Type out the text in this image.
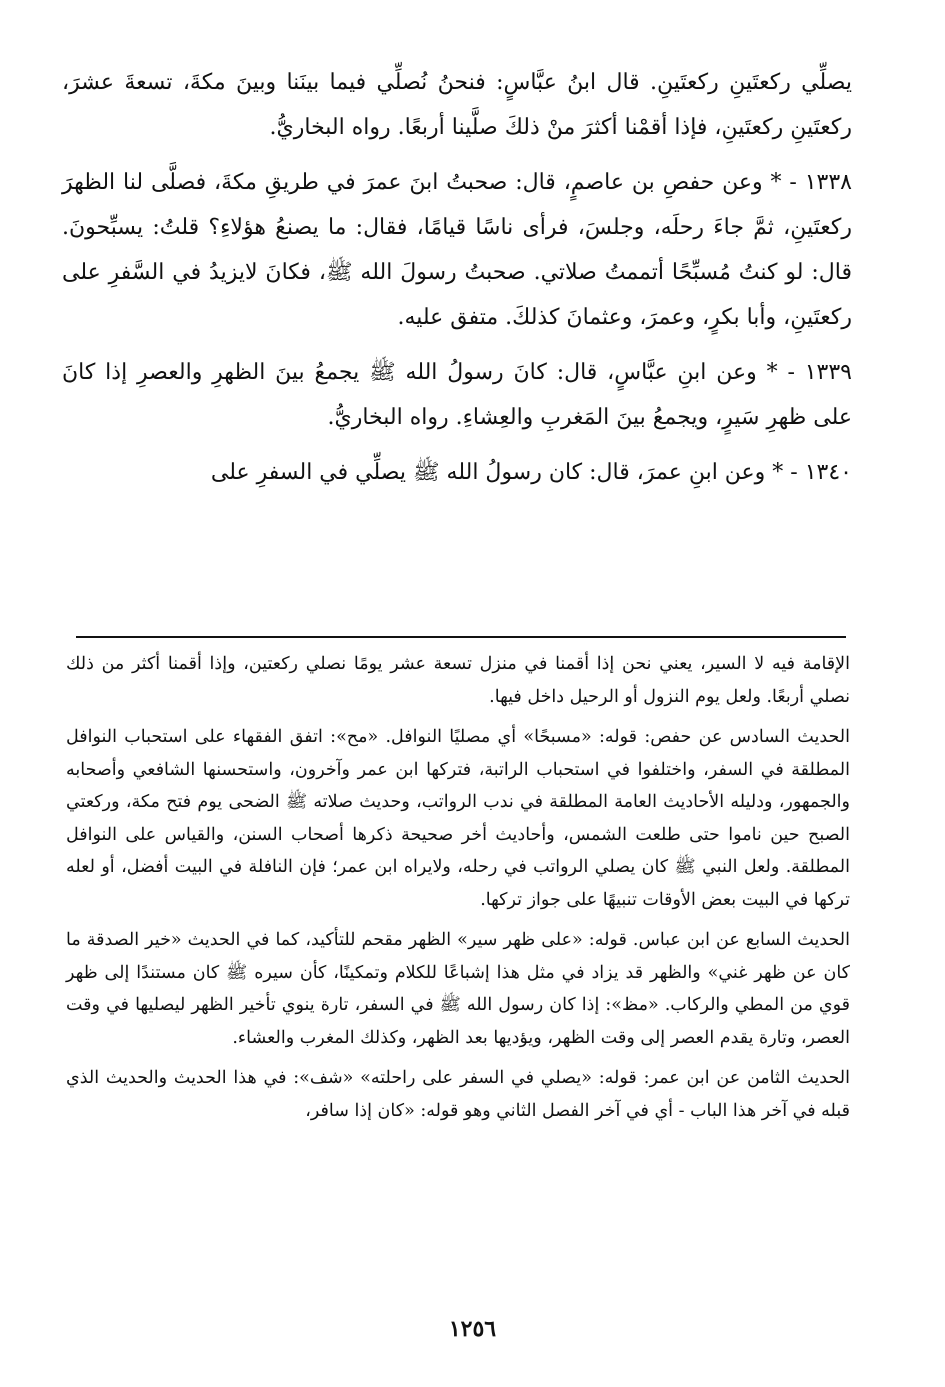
يصلِّي ركعتَينِ ركعتَينِ. قال ابنُ عبَّاسٍ: فنحنُ نُصلِّي فيما بينَنا وبينَ مكةَ، تسعةَ عشرَ، ركعتَينِ ركعتَينِ، فإذا أقمْنا أكثرَ منْ ذلكَ صلَّينا أربعًا. رواه البخاريُّ.

١٣٣٨ - * وعن حفصِ بن عاصمٍ، قال: صحبتُ ابنَ عمرَ في طريقِ مكةَ، فصلَّى لنا الظهرَ ركعتَينِ، ثمَّ جاءَ رحلَه، وجلسَ، فرأى ناسًا قيامًا، فقال: ما يصنعُ هؤلاءِ؟ قلتُ: يسبِّحونَ. قال: لو كنتُ مُسبِّحًا أتممتُ صلاتي. صحبتُ رسولَ الله ﷺ، فكانَ لايزيدُ في السَّفرِ على ركعتَينِ، وأبا بكرٍ، وعمرَ، وعثمانَ كذلكَ. متفق عليه.

١٣٣٩ - * وعن ابنِ عبَّاسٍ، قال: كانَ رسولُ الله ﷺ يجمعُ بينَ الظهرِ والعصرِ إذا كانَ على ظهرِ سَيرٍ، ويجمعُ بينَ المَغربِ والعِشاءِ. رواه البخاريُّ.

١٣٤٠ - * وعن ابنِ عمرَ، قال: كان رسولُ الله ﷺ يصلِّي في السفرِ على

الإقامة فيه لا السير، يعني نحن إذا أقمنا في منزل تسعة عشر يومًا نصلي ركعتين، وإذا أقمنا أكثر من ذلك نصلي أربعًا. ولعل يوم النزول أو الرحيل داخل فيها.

الحديث السادس عن حفص: قوله: «مسبحًا» أي مصليًا النوافل. «مح»: اتفق الفقهاء على استحباب النوافل المطلقة في السفر، واختلفوا في استحباب الراتبة، فتركها ابن عمر وآخرون، واستحسنها الشافعي وأصحابه والجمهور، ودليله الأحاديث العامة المطلقة في ندب الرواتب، وحديث صلاته ﷺ الضحى يوم فتح مكة، وركعتي الصبح حين ناموا حتى طلعت الشمس، وأحاديث أخر صحيحة ذكرها أصحاب السنن، والقياس على النوافل المطلقة. ولعل النبي ﷺ كان يصلي الرواتب في رحله، ولايراه ابن عمر؛ فإن النافلة في البيت أفضل، أو لعله تركها في البيت بعض الأوقات تنبيهًا على جواز تركها.

الحديث السابع عن ابن عباس. قوله: «على ظهر سير» الظهر مقحم للتأكيد، كما في الحديث «خير الصدقة ما كان عن ظهر غني» والظهر قد يزاد في مثل هذا إشباعًا للكلام وتمكينًا، كأن سيره ﷺ كان مستندًا إلى ظهر قوي من المطي والركاب. «مظ»: إذا كان رسول الله ﷺ في السفر، تارة ينوي تأخير الظهر ليصليها في وقت العصر، وتارة يقدم العصر إلى وقت الظهر، ويؤديها بعد الظهر، وكذلك المغرب والعشاء.

الحديث الثامن عن ابن عمر: قوله: «يصلي في السفر على راحلته» «شف»: في هذا الحديث والحديث الذي قبله في آخر هذا الباب - أي في آخر الفصل الثاني وهو قوله: «كان إذا سافر،

١٢٥٦
